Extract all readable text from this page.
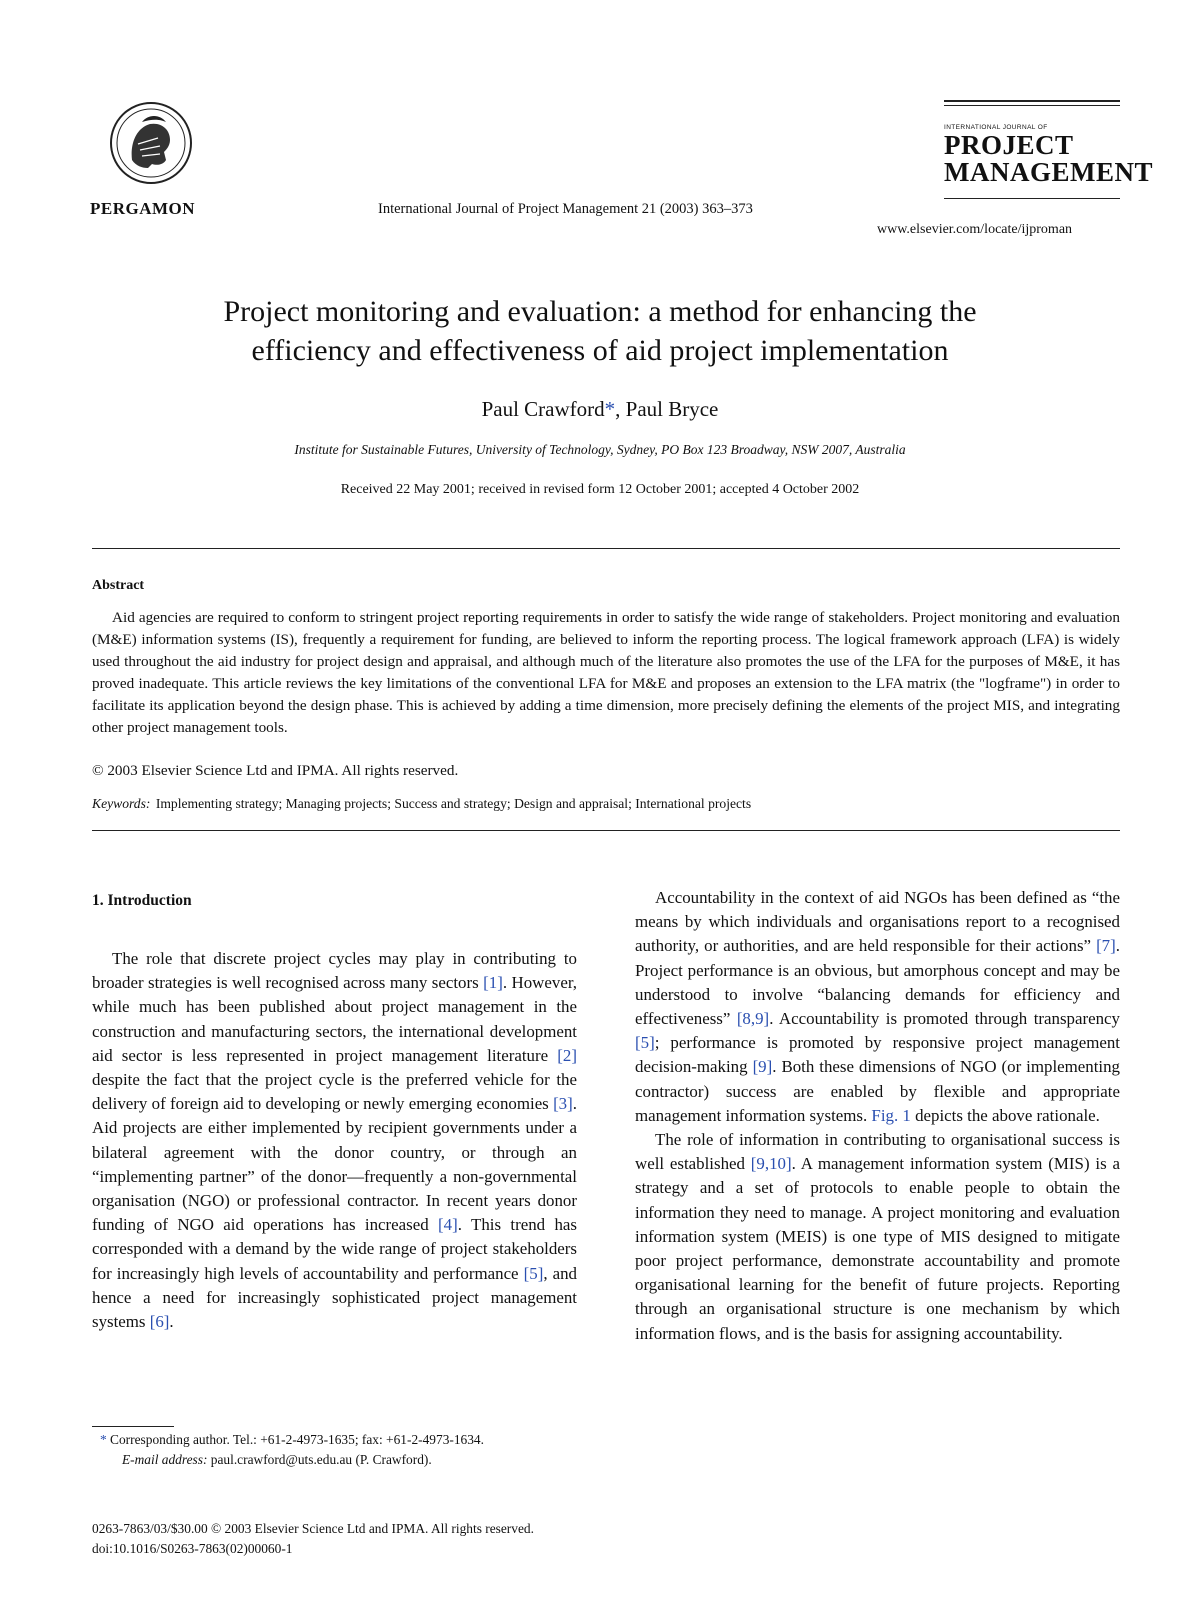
PERGAMON	International Journal of Project Management 21 (2003) 363–373
INTERNATIONAL JOURNAL OF
PROJECT
MANAGEMENT
www.elsevier.com/locate/ijproman
Project monitoring and evaluation: a method for enhancing the
efficiency and effectiveness of aid project implementation
Paul Crawford*, Paul Bryce
Institute for Sustainable Futures, University of Technology, Sydney, PO Box 123 Broadway, NSW 2007, Australia
Received 22 May 2001; received in revised form 12 October 2001; accepted 4 October 2002
Abstract

Aid agencies are required to conform to stringent project reporting requirements in order to satisfy the wide range of stakeholders. Project monitoring and evaluation (M&E) information systems (IS), frequently a requirement for funding, are believed to inform the reporting process. The logical framework approach (LFA) is widely used throughout the aid industry for project design and appraisal, and although much of the literature also promotes the use of the LFA for the purposes of M&E, it has proved inadequate. This article reviews the key limitations of the conventional LFA for M&E and proposes an extension to the LFA matrix (the "logframe") in order to facilitate its application beyond the design phase. This is achieved by adding a time dimension, more precisely defining the elements of the project MIS, and integrating other project management tools.

© 2003 Elsevier Science Ltd and IPMA. All rights reserved.
Keywords: Implementing strategy; Managing projects; Success and strategy; Design and appraisal; International projects
1. Introduction

The role that discrete project cycles may play in contributing to broader strategies is well recognised across many sectors [1]. However, while much has been published about project management in the construction and manufacturing sectors, the international development aid sector is less represented in project management literature [2] despite the fact that the project cycle is the preferred vehicle for the delivery of foreign aid to developing or newly emerging economies [3]. Aid projects are either implemented by recipient governments under a bilateral agreement with the donor country, or through an “implementing partner” of the donor—frequently a non-governmental organisation (NGO) or professional contractor. In recent years donor funding of NGO aid operations has increased [4]. This trend has corresponded with a demand by the wide range of project stakeholders for increasingly high levels of accountability and performance [5], and hence a need for increasingly sophisticated project management systems [6].

* Corresponding author. Tel.: +61-2-4973-1635; fax: +61-2-4973-1634.
E-mail address: paul.crawford@uts.edu.au (P. Crawford).

Accountability in the context of aid NGOs has been defined as “the means by which individuals and organisations report to a recognised authority, or authorities, and are held responsible for their actions” [7]. Project performance is an obvious, but amorphous concept and may be understood to involve “balancing demands for efficiency and effectiveness” [8,9]. Accountability is promoted through transparency [5]; performance is promoted by responsive project management decision-making [9]. Both these dimensions of NGO (or implementing contractor) success are enabled by flexible and appropriate management information systems. Fig. 1 depicts the above rationale.

The role of information in contributing to organisational success is well established [9,10]. A management information system (MIS) is a strategy and a set of protocols to enable people to obtain the information they need to manage. A project monitoring and evaluation information system (MEIS) is one type of MIS designed to mitigate poor project performance, demonstrate accountability and promote organisational learning for the benefit of future projects. Reporting through an organisational structure is one mechanism by which information flows, and is the basis for assigning accountability.

0263-7863/03/$30.00 © 2003 Elsevier Science Ltd and IPMA. All rights reserved.
doi:10.1016/S0263-7863(02)00060-1
